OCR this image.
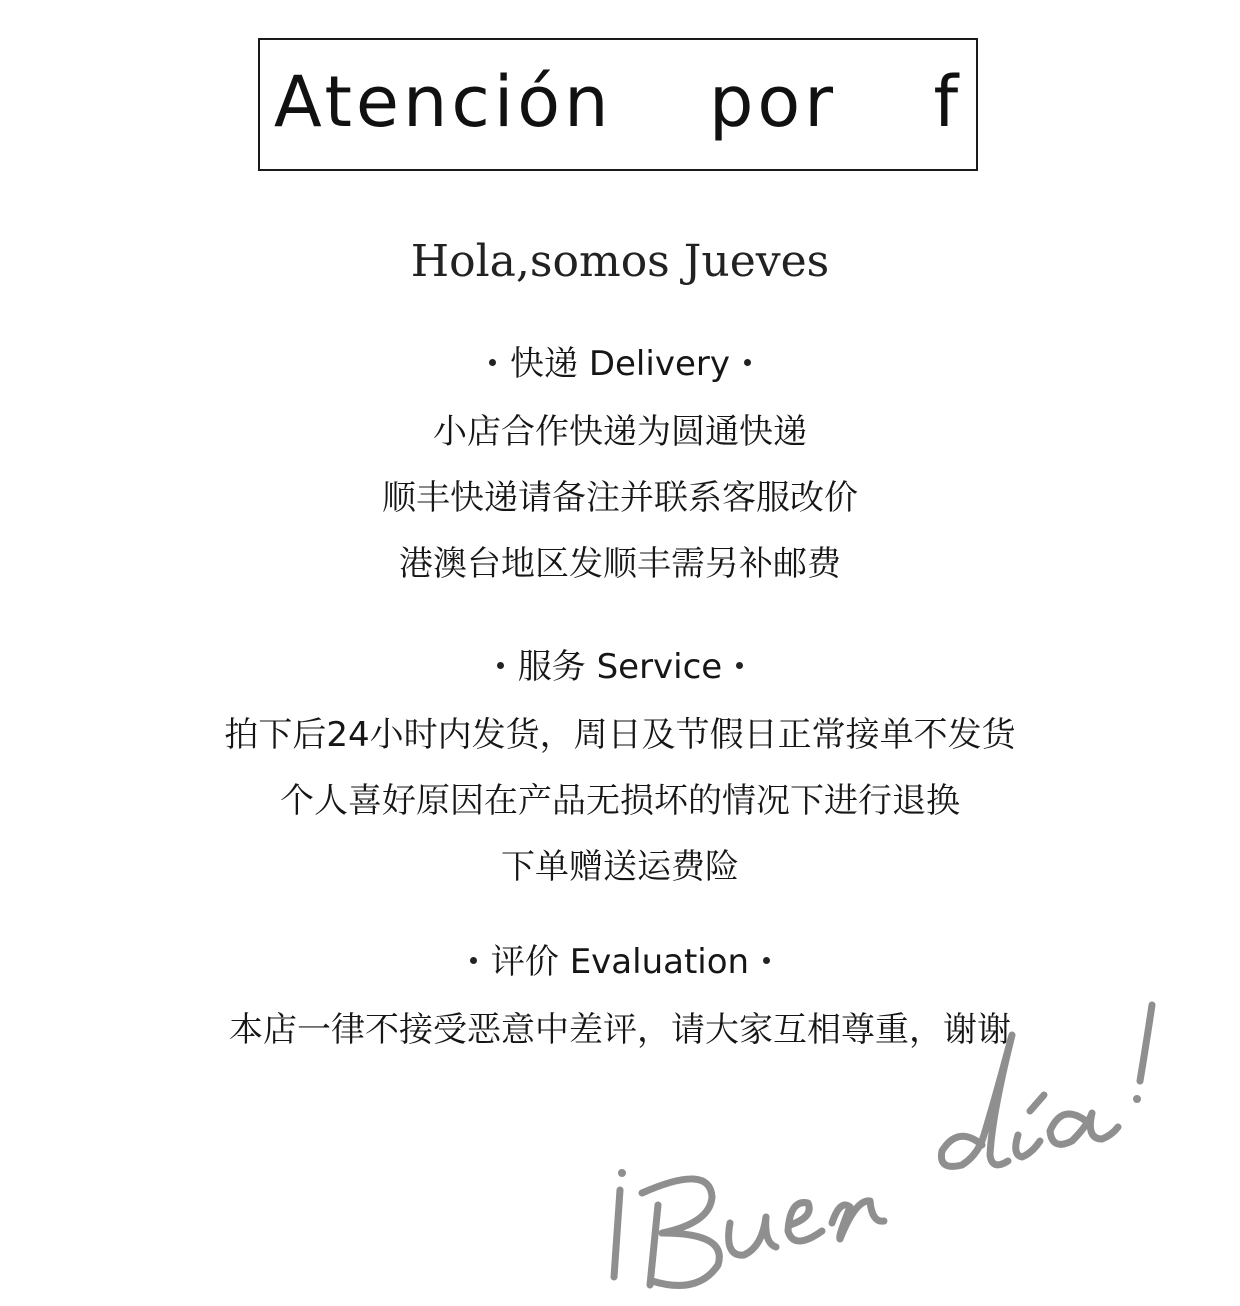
Atención  por  f
Hola,somos Jueves
快递 Delivery
小店合作快递为圆通快递
顺丰快递请备注并联系客服改价
港澳台地区发顺丰需另补邮费
服务 Service
拍下后24小时内发货，周日及节假日正常接单不发货
个人喜好原因在产品无损坏的情况下进行退换
下单赠送运费险
评价 Evaluation
本店一律不接受恶意中差评，请大家互相尊重，谢谢
